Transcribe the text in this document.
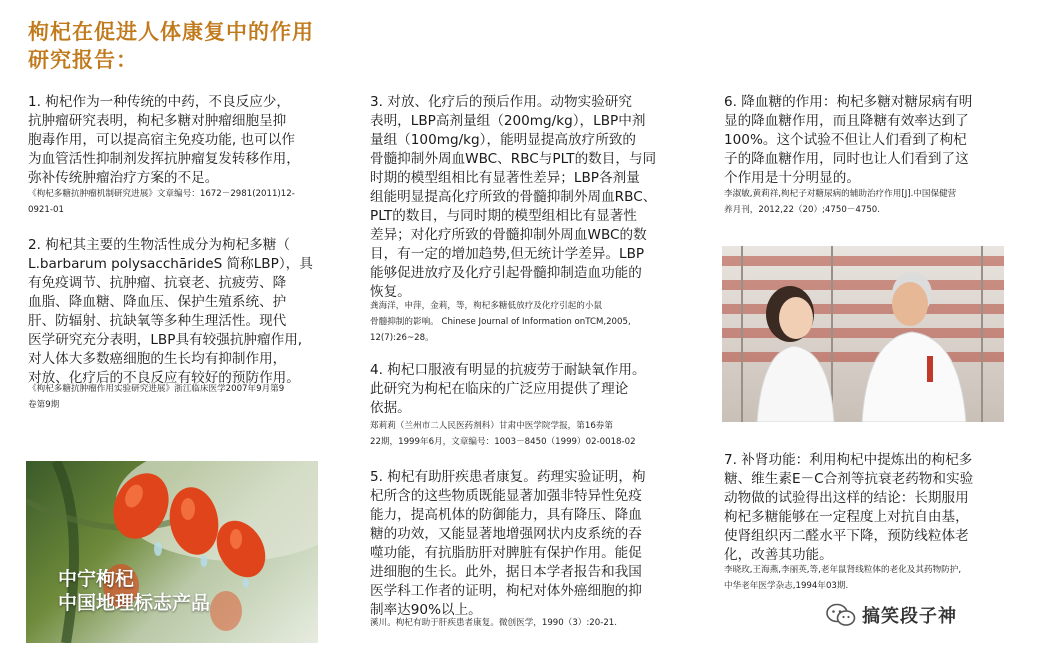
枸杞在促进人体康复中的作用
研究报告：

1. 枸杞作为一种传统的中药，不良反应少，
抗肿瘤研究表明，枸杞多糖对肿瘤细胞呈抑
胞毒作用，可以提高宿主免疫功能, 也可以作
为血管活性抑制剂发挥抗肿瘤复发转移作用，
弥补传统肿瘤治疗方案的不足。

《枸杞多糖抗肿瘤机制研究进展》文章编号：1672－2981(2011)12-
0921-01

2. 枸杞其主要的生物活性成分为枸杞多糖（
L.barbarum polysacchārideS 简称LBP），具
有免疫调节、抗肿瘤、抗衰老、抗疲劳、降
血脂、降血糖、降血压、保护生殖系统、护
肝、防辐射、抗缺氧等多种生理活性。现代
医学研究充分表明，LBP具有较强抗肿瘤作用,
对人体大多数癌细胞的生长均有抑制作用，
对放、化疗后的不良反应有较好的预防作用。

《枸杞多糖抗肿瘤作用实验研究进展》浙江临床医学2007年9月第9
卷第9期

中宁枸杞
中国地理标志产品

3. 对放、化疗后的预后作用。动物实验研究
表明，LBP高剂量组（200mg/kg），LBP中剂
量组（100mg/kg），能明显提高放疗所致的
骨髓抑制外周血WBC、RBC与PLT的数目，与同
时期的模型组相比有显著性差异；LBP各剂量
组能明显提高化疗所致的骨髓抑制外周血RBC、
PLT的数目，与同时期的模型组相比有显著性
差异；对化疗所致的骨髓抑制外周血WBC的数
目，有一定的增加趋势,但无统计学差异。LBP
能够促进放疗及化疗引起骨髓抑制造血功能的
恢复。

龚海洋，申萍，金莉，等，枸杞多糖低放疗及化疗引起的小鼠
骨髓抑制的影响。 Chinese Journal of Information onTCM,2005,
12(7):26~28。

4. 枸杞口服液有明显的抗疲劳于耐缺氧作用。
此研究为枸杞在临床的广泛应用提供了理论
依据。

郑莉莉（兰州市二人民医药剂科）甘肃中医学院学报，第16券第
22期，1999年6月，文章编号：1003－8450（1999）02-0018-02

5. 枸杞有助肝疾患者康复。药理实验证明，枸
杞所含的这些物质既能显著加强非特异性免疫
能力，提高机体的防御能力，具有降压、降血
糖的功效，又能显著地增强网状内皮系统的吞
噬功能，有抗脂肪肝对脾脏有保护作用。能促
进细胞的生长。此外，据日本学者报告和我国
医学科工作者的证明，枸杞对体外癌细胞的抑
制率达90%以上。

溪川。枸杞有助于肝疾患者康复。微创医学，1990（3）:20-21.

6. 降血糖的作用：枸杞多糖对糖尿病有明
显的降血糖作用，而且降糖有效率达到了
100%。这个试验不但让人们看到了枸杞
子的降血糖作用，同时也让人们看到了这
个作用是十分明显的。

李淑敏,黄莉祥,枸杞子对糖尿病的辅助治疗作用[J].中国保健营
养月刊，2012,22（20）;4750－4750.

7. 补肾功能：利用枸杞中提炼出的枸杞多
糖、维生素E－C合剂等抗衰老药物和实验
动物做的试验得出这样的结论：长期服用
枸杞多糖能够在一定程度上对抗自由基，
使肾组织丙二醛水平下降，预防线粒体老
化，改善其功能。

李晓玫,王海燕,李丽英,等,老年鼠肾线粒体的老化及其药物防护,
中华老年医学杂志,1994年03期.

搞笑段子神
